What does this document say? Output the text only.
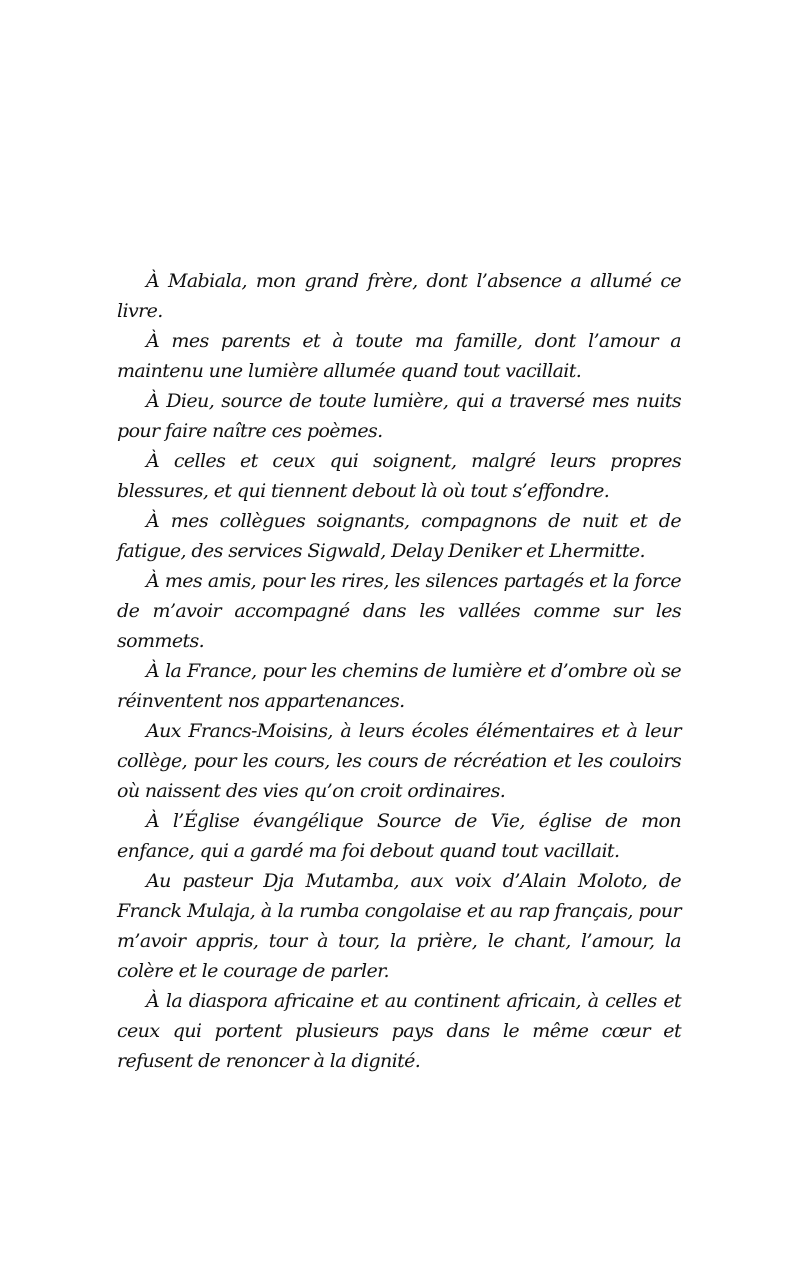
À Mabiala, mon grand frère, dont l’absence a allumé ce livre.

À mes parents et à toute ma famille, dont l’amour a maintenu une lumière allumée quand tout vacillait.

À Dieu, source de toute lumière, qui a traversé mes nuits pour faire naître ces poèmes.

À celles et ceux qui soignent, malgré leurs propres blessures, et qui tiennent debout là où tout s’effondre.

À mes collègues soignants, compagnons de nuit et de fatigue, des services Sigwald, Delay Deniker et Lhermitte.

À mes amis, pour les rires, les silences partagés et la force de m’avoir accompagné dans les vallées comme sur les sommets.

À la France, pour les chemins de lumière et d’ombre où se réinventent nos appartenances.

Aux Francs-Moisins, à leurs écoles élémentaires et à leur collège, pour les cours, les cours de récréation et les couloirs où naissent des vies qu’on croit ordinaires.

À l’Église évangélique Source de Vie, église de mon enfance, qui a gardé ma foi debout quand tout vacillait.

Au pasteur Dja Mutamba, aux voix d’Alain Moloto, de Franck Mulaja, à la rumba congolaise et au rap français, pour m’avoir appris, tour à tour, la prière, le chant, l’amour, la colère et le courage de parler.

À la diaspora africaine et au continent africain, à celles et ceux qui portent plusieurs pays dans le même cœur et refusent de renoncer à la dignité.
